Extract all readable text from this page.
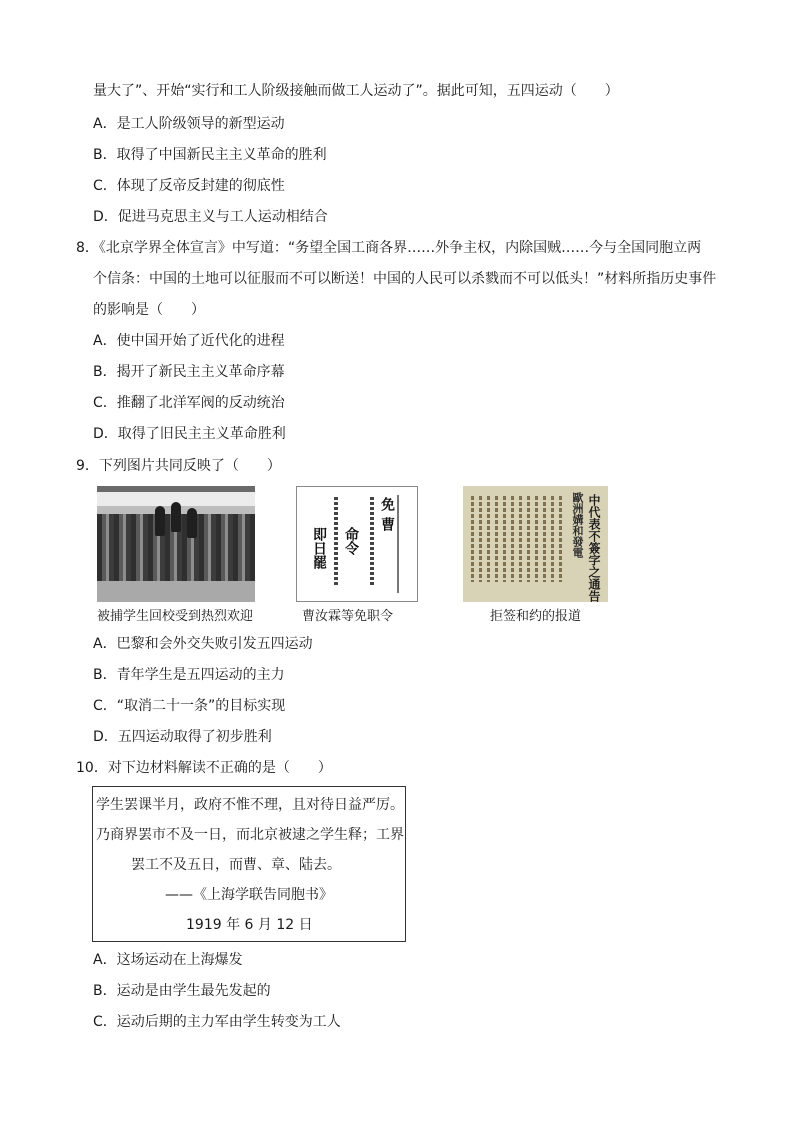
量大了”、开始“实行和工人阶级接触而做工人运动了”。据此可知，五四运动（　　）
A．是工人阶级领导的新型运动
B．取得了中国新民主主义革命的胜利
C．体现了反帝反封建的彻底性
D．促进马克思主义与工人运动相结合
8．《北京学界全体宣言》中写道：“务望全国工商各界……外争主权，内除国贼……今与全国同胞立两
个信条：中国的土地可以征服而不可以断送！中国的人民可以杀戮而不可以低头！”材料所指历史事件
的影响是（　　）
A．使中国开始了近代化的进程
B．揭开了新民主主义革命序幕
C．推翻了北洋军阀的反动统治
D．取得了旧民主主义革命胜利
9．下列图片共同反映了（　　）
被捕学生回校受到热烈欢迎
免
曹
命令
即日罷
曹汝霖等免职令
歐洲媾和發電 中代表不簽字之通告
拒签和约的报道
A．巴黎和会外交失败引发五四运动
B．青年学生是五四运动的主力
C．“取消二十一条”的目标实现
D．五四运动取得了初步胜利
10．对下边材料解读不正确的是（　　）
学生罢课半月，政府不惟不理，且对待日益严厉。
乃商界罢市不及一日，而北京被逮之学生释；工界
罢工不及五日，而曹、章、陆去。
——《上海学联告同胞书》
1919 年 6 月 12 日
A．这场运动在上海爆发
B．运动是由学生最先发起的
C．运动后期的主力军由学生转变为工人
